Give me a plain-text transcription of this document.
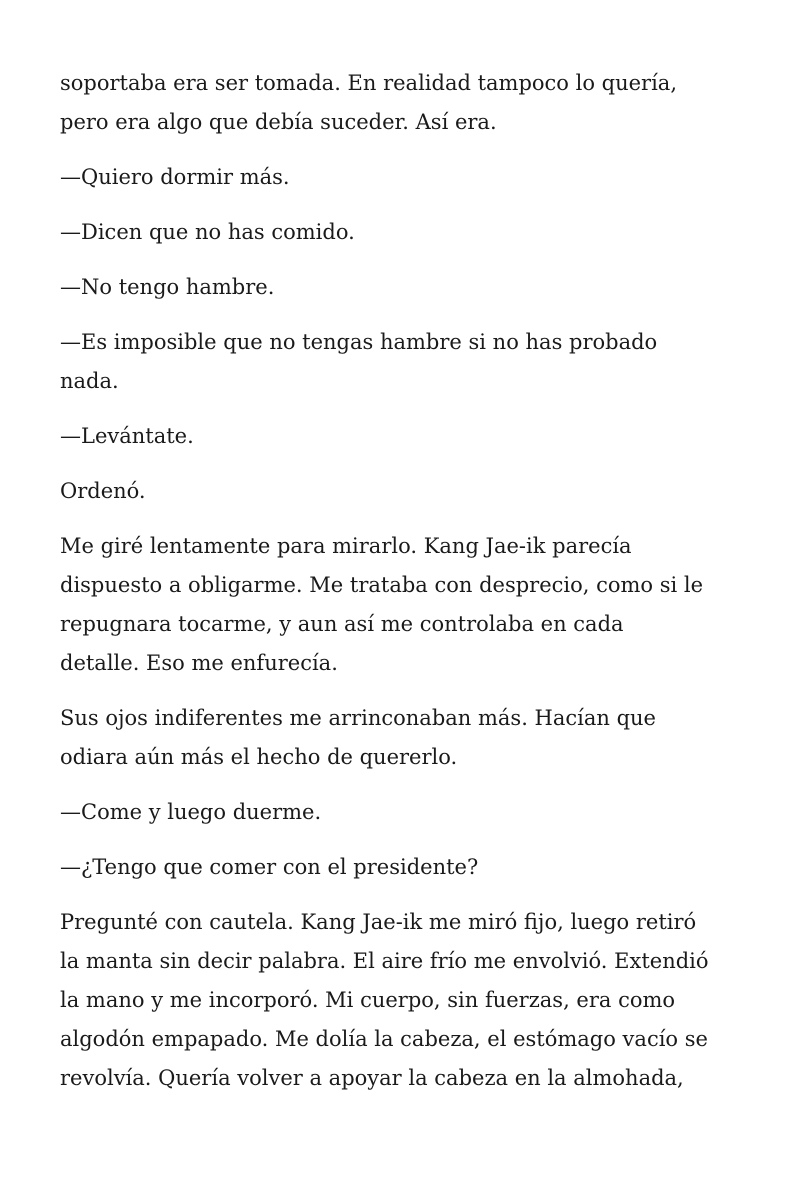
soportaba era ser tomada. En realidad tampoco lo quería,
pero era algo que debía suceder. Así era.

—Quiero dormir más.

—Dicen que no has comido.

—No tengo hambre.

—Es imposible que no tengas hambre si no has probado
nada.

—Levántate.

Ordenó.

Me giré lentamente para mirarlo. Kang Jae-ik parecía
dispuesto a obligarme. Me trataba con desprecio, como si le
repugnara tocarme, y aun así me controlaba en cada
detalle. Eso me enfurecía.

Sus ojos indiferentes me arrinconaban más. Hacían que
odiara aún más el hecho de quererlo.

—Come y luego duerme.

—¿Tengo que comer con el presidente?

Pregunté con cautela. Kang Jae-ik me miró fijo, luego retiró
la manta sin decir palabra. El aire frío me envolvió. Extendió
la mano y me incorporó. Mi cuerpo, sin fuerzas, era como
algodón empapado. Me dolía la cabeza, el estómago vacío se
revolvía. Quería volver a apoyar la cabeza en la almohada,
